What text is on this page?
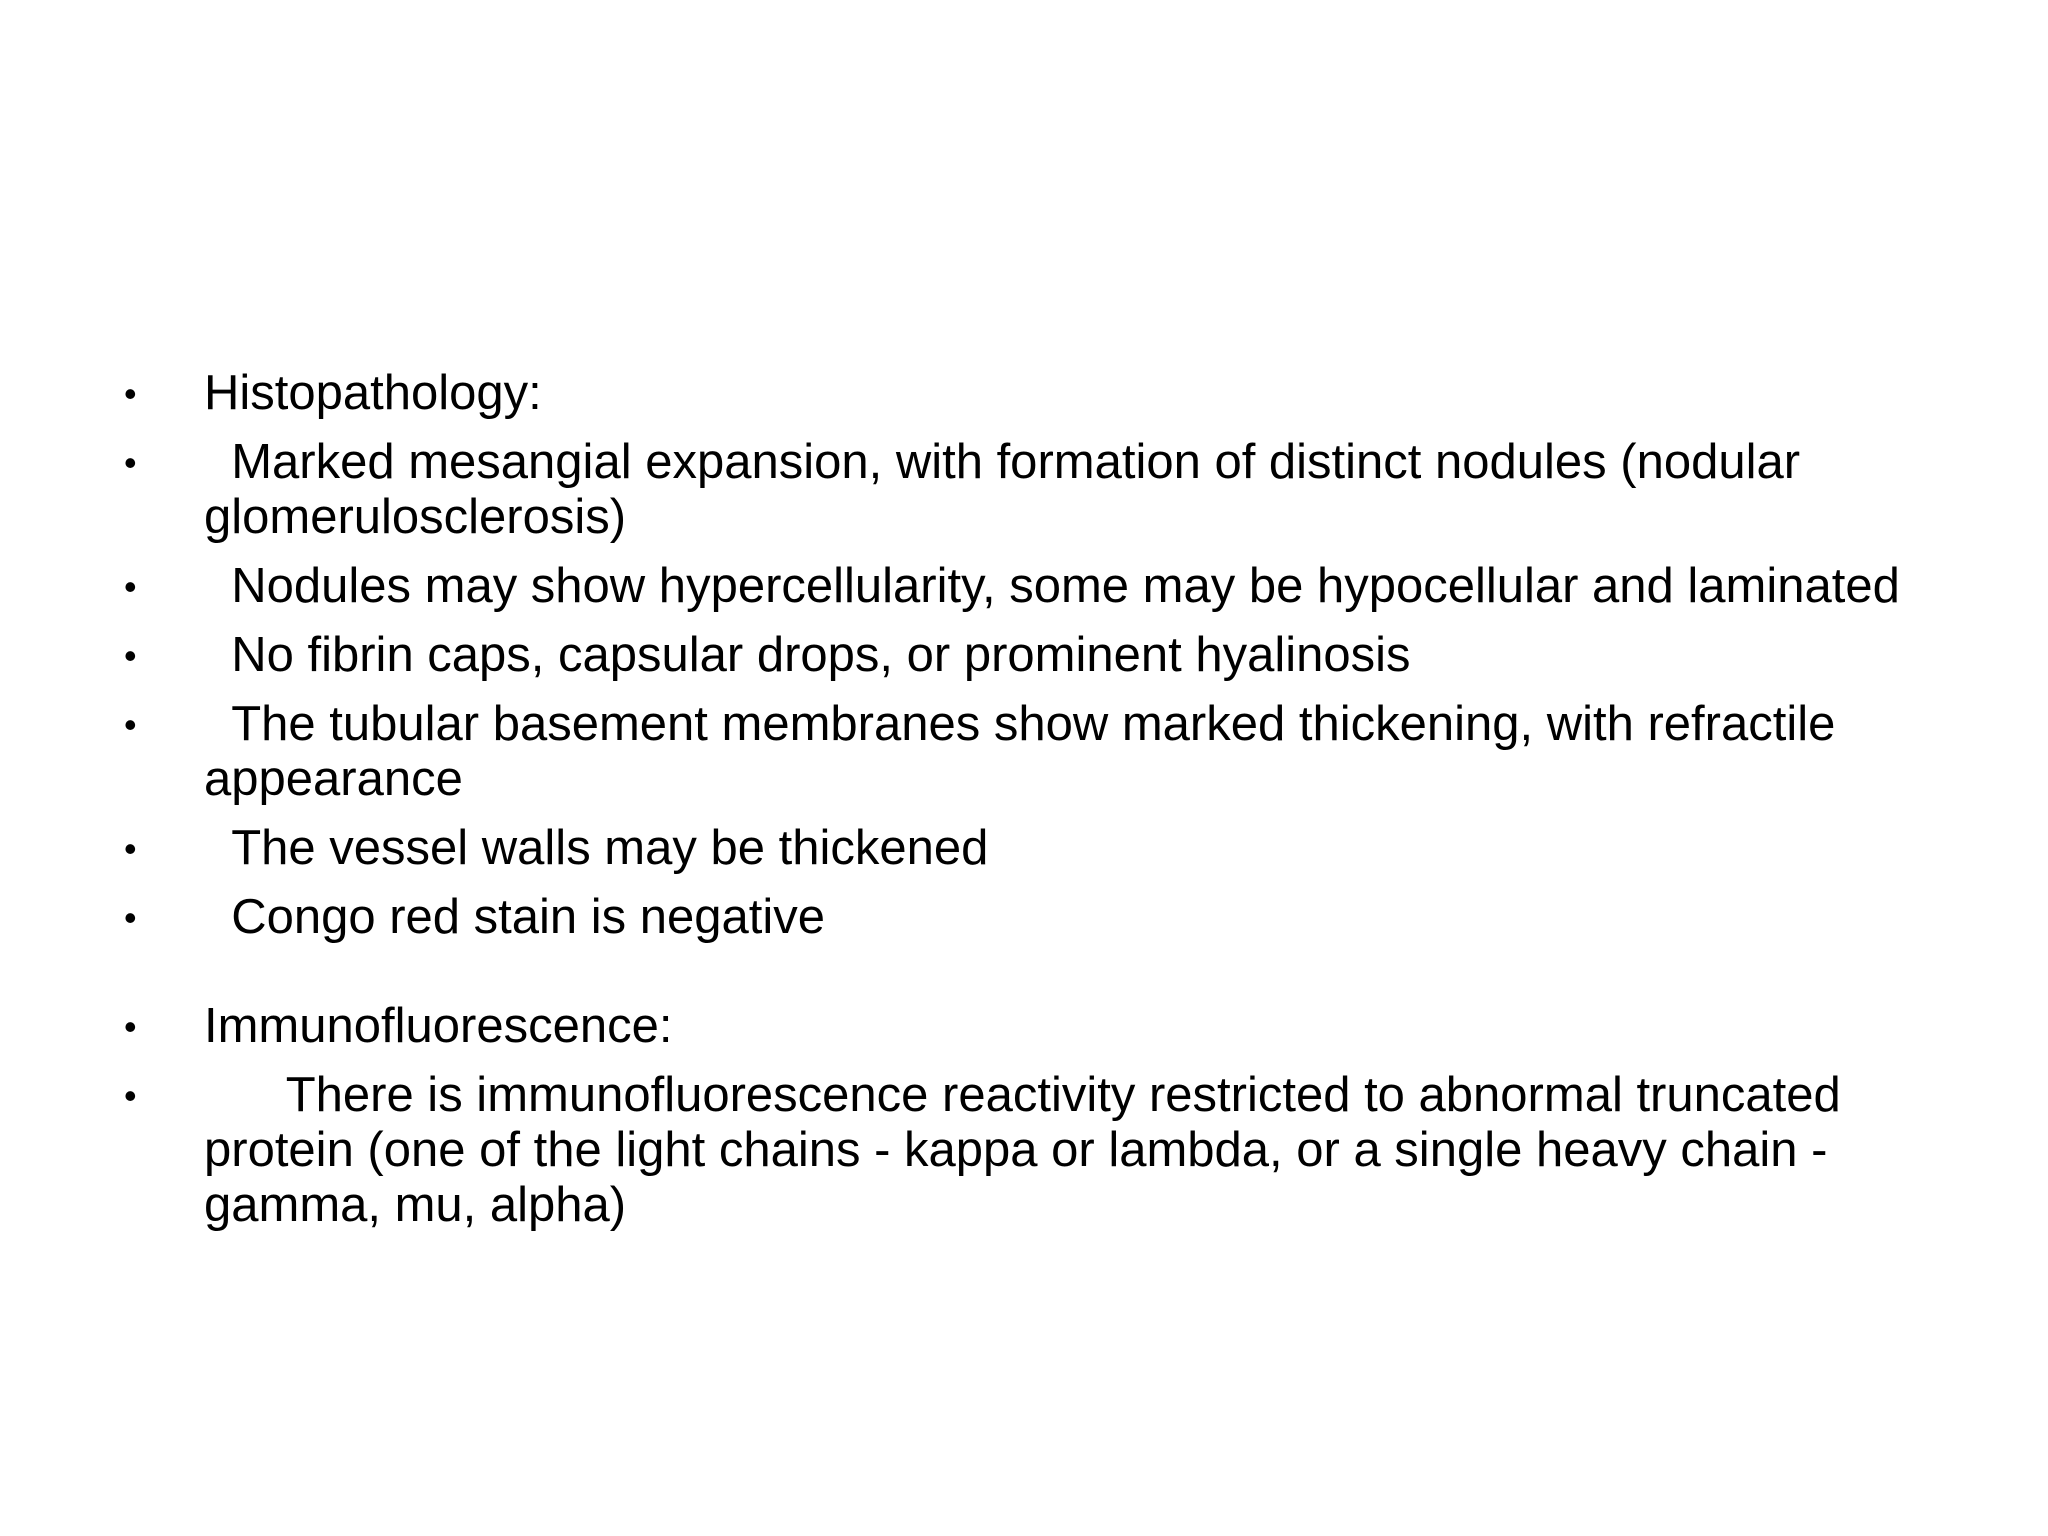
•	Histopathology:
•	Marked mesangial expansion, with formation of distinct nodules (nodular glomerulosclerosis)
•	Nodules may show hypercellularity, some may be hypocellular and laminated
•	No fibrin caps, capsular drops, or prominent hyalinosis
•	The tubular basement membranes show marked thickening, with refractile appearance
•	The vessel walls may be thickened
•	Congo red stain is negative
•	Immunofluorescence:
•	There is immunofluorescence reactivity restricted to abnormal truncated protein (one of the light chains - kappa or lambda, or a single heavy chain - gamma, mu, alpha)
